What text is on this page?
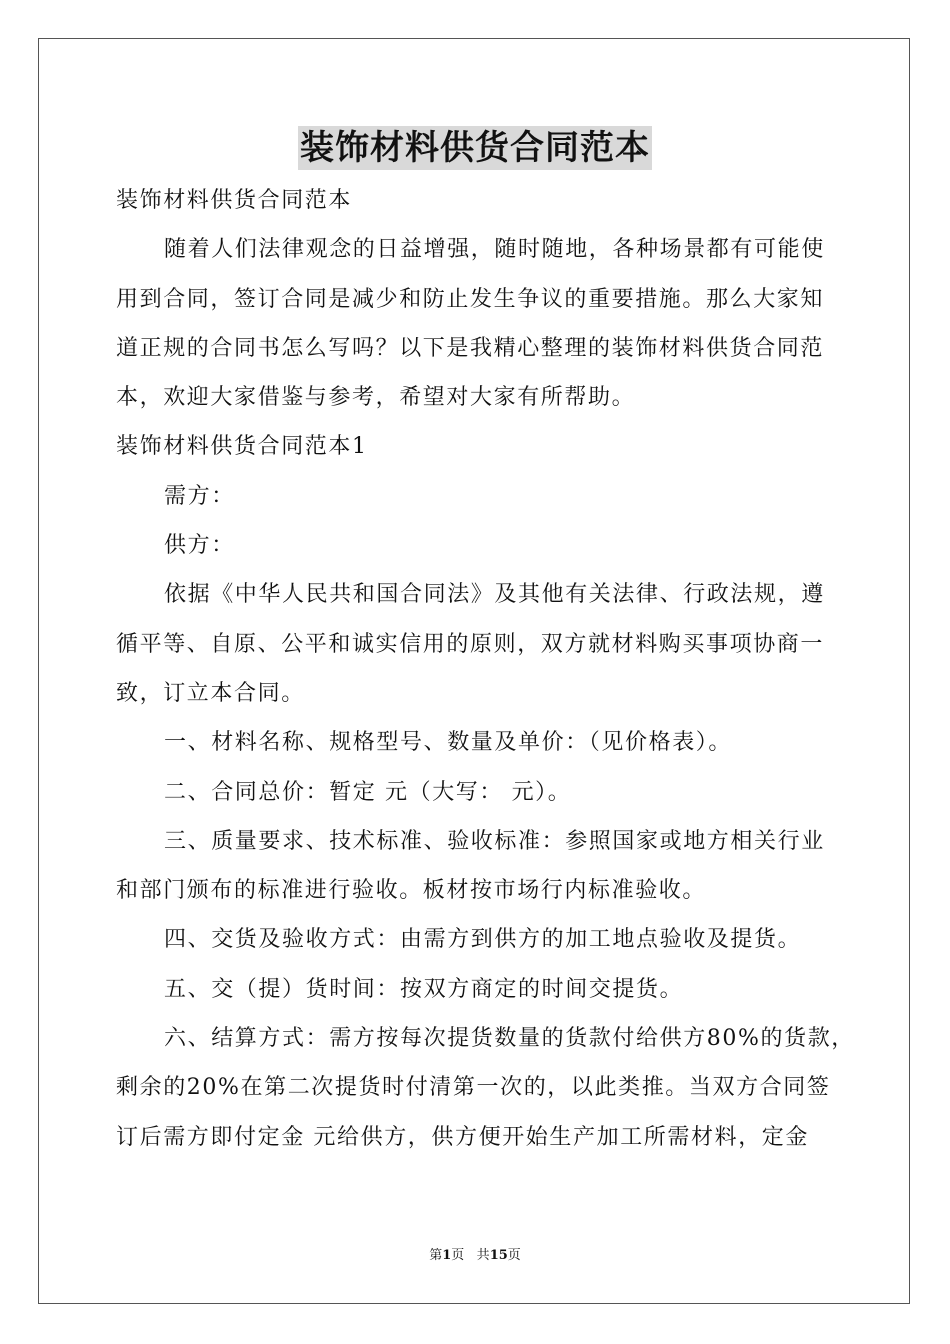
装饰材料供货合同范本
装饰材料供货合同范本
随着人们法律观念的日益增强，随时随地，各种场景都有可能使
用到合同，签订合同是减少和防止发生争议的重要措施。那么大家知
道正规的合同书怎么写吗？以下是我精心整理的装饰材料供货合同范
本，欢迎大家借鉴与参考，希望对大家有所帮助。
装饰材料供货合同范本1
需方：
供方：
依据《中华人民共和国合同法》及其他有关法律、行政法规，遵
循平等、自原、公平和诚实信用的原则，双方就材料购买事项协商一
致，订立本合同。
一、材料名称、规格型号、数量及单价：（见价格表）。
二、合同总价：暂定 元（大写： 元）。
三、质量要求、技术标准、验收标准：参照国家或地方相关行业
和部门颁布的标准进行验收。板材按市场行内标准验收。
四、交货及验收方式：由需方到供方的加工地点验收及提货。
五、交（提）货时间：按双方商定的时间交提货。
六、结算方式：需方按每次提货数量的货款付给供方80%的货款，
剩余的20%在第二次提货时付清第一次的，以此类推。当双方合同签
订后需方即付定金 元给供方，供方便开始生产加工所需材料，定金
第1页 共15页
